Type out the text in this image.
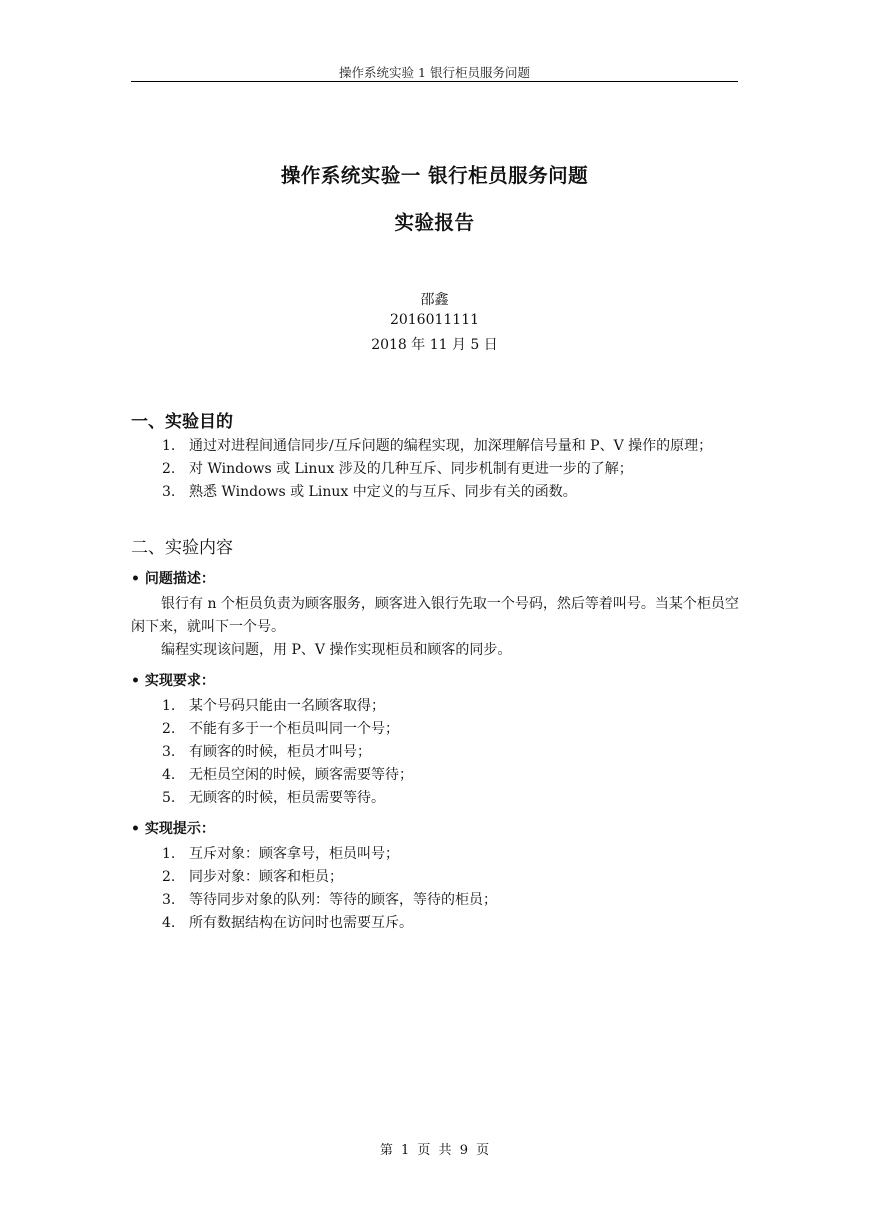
操作系统实验 1 银行柜员服务问题
操作系统实验一 银行柜员服务问题
实验报告
邵鑫
2016011111
2018 年 11 月 5 日
一、实验目的
1. 通过对进程间通信同步/互斥问题的编程实现，加深理解信号量和 P、V 操作的原理；
2. 对 Windows 或 Linux 涉及的几种互斥、同步机制有更进一步的了解；
3. 熟悉 Windows 或 Linux 中定义的与互斥、同步有关的函数。
二、实验内容
• 问题描述：
银行有 n 个柜员负责为顾客服务，顾客进入银行先取一个号码，然后等着叫号。当某个柜员空闲下来，就叫下一个号。
编程实现该问题，用 P、V 操作实现柜员和顾客的同步。
• 实现要求：
1. 某个号码只能由一名顾客取得；
2. 不能有多于一个柜员叫同一个号；
3. 有顾客的时候，柜员才叫号；
4. 无柜员空闲的时候，顾客需要等待；
5. 无顾客的时候，柜员需要等待。
• 实现提示：
1. 互斥对象：顾客拿号，柜员叫号；
2. 同步对象：顾客和柜员；
3. 等待同步对象的队列：等待的顾客，等待的柜员；
4. 所有数据结构在访问时也需要互斥。
第 1 页 共 9 页
